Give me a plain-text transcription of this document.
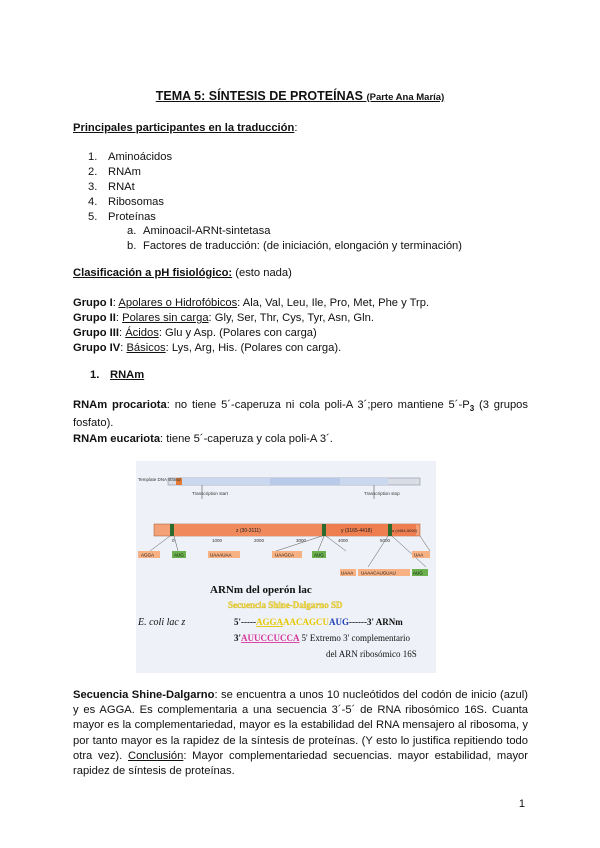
TEMA 5: SÍNTESIS DE PROTEÍNAS (Parte Ana María)
Principales participantes en la traducción:
1. Aminoácidos
2. RNAm
3. RNAt
4. Ribosomas
5. Proteínas
a. Aminoacil-ARNt-sintetasa
b. Factores de traducción: (de iniciación, elongación y terminación)
Clasificación a pH fisiológico: (esto nada)
Grupo I: Apolares o Hidrofóbicos: Ala, Val, Leu, Ile, Pro, Met, Phe y Trp.
Grupo II: Polares sin carga: Gly, Ser, Thr, Cys, Tyr, Asn, Gln.
Grupo III: Ácidos: Glu y Asp. (Polares con carga)
Grupo IV: Básicos: Lys, Arg, His. (Polares con carga).
1. RNAm
RNAm procariota: no tiene 5´-caperuza ni cola poli-A 3´;pero mantiene $5´-P_3$ (3 grupos fosfato).
RNAm eucariota: tiene 5´-caperuza y cola poli-A 3´.
Template DNA strand
Transcription start	Transcription stop
z (30-3111)	y (3165-4418)	a (4484-5092)
0	1000	2000	3000	4000	5000
AGGA	AUG	UAAAUAA	UAAGCA	AUG	UAA
UAAA UAAACAUGUAU	AUG
ARNm del operón lac
Secuencia Shine-Dalgarno SD
E. coli lac z	5'-----AGGAAACAGCUAUG------3' ARNm
3'AUUCCUCCA 5' Extremo 3' complementario
del ARN ribosómico 16S
Secuencia Shine-Dalgarno: se encuentra a unos 10 nucleótidos del codón de inicio (azul) y es AGGA. Es complementaria a una secuencia 3´-5´ de RNA ribosómico 16S. Cuanta mayor es la complementariedad, mayor es la estabilidad del RNA mensajero al ribosoma, y por tanto mayor es la rapidez de la síntesis de proteínas. (Y esto lo justifica repitiendo todo otra vez). Conclusión: Mayor complementariedad secuencias. mayor estabilidad, mayor rapidez de síntesis de proteínas.
1
